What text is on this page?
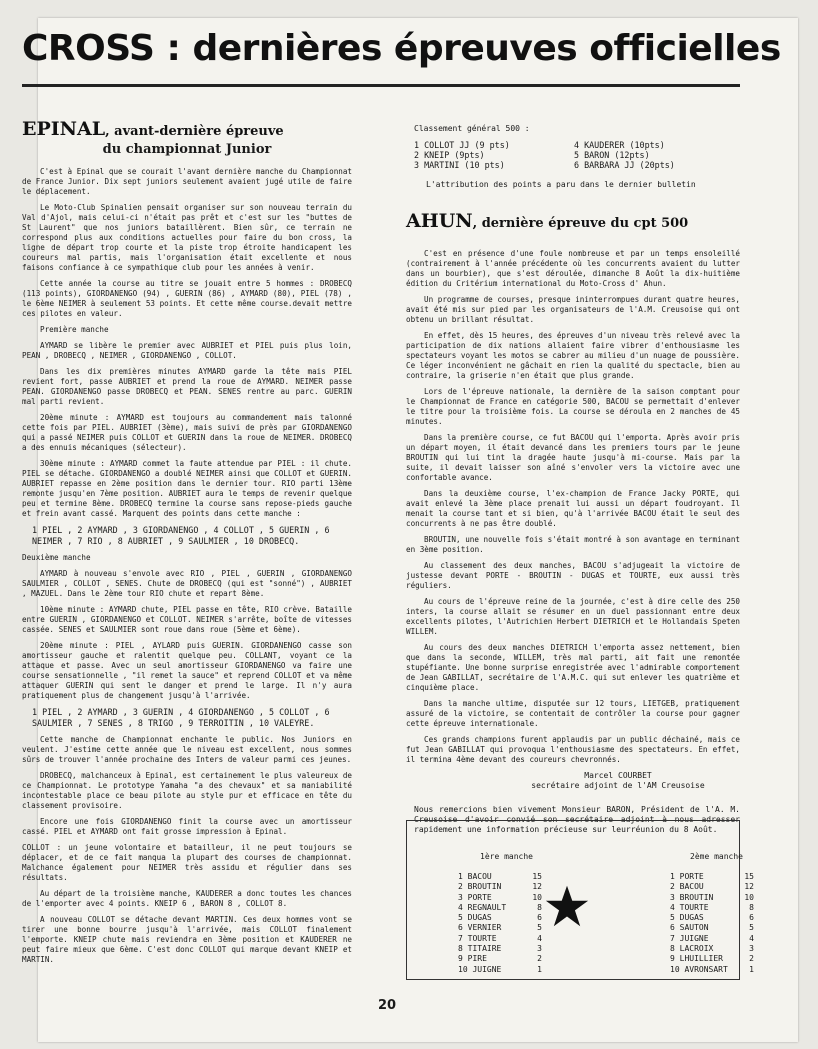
CROSS : dernières épreuves officielles
EPINAL, avant-dernière épreuve
du championnat Junior

C'est à Epinal que se courait l'avant dernière manche du Championnat de France Junior. Dix sept juniors seulement avaient jugé utile de faire le déplacement.

Le Moto-Club Spinalien pensait organiser sur son nouveau terrain du Val d'Ajol, mais celui-ci n'était pas prêt et c'est sur les "buttes de St Laurent" que nos juniors bataillèrent. Bien sûr, ce terrain ne correspond plus aux conditions actuelles pour faire du bon cross, la ligne de départ trop courte et la piste trop étroite handicapent les coureurs mal partis, mais l'organisation était excellente et nous faisons confiance à ce sympathique club pour les années à venir.

Cette année la course au titre se jouait entre 5 hommes : DROBECQ (113 points), GIORDANENGO (94) , GUERIN (86) , AYMARD (80), PIEL (78) , le 6ème NEIMER à seulement 53 points. Et cette même course.devait mettre ces pilotes en valeur.

Première manche

AYMARD se libère le premier avec AUBRIET et PIEL puis plus loin, PEAN , DROBECQ , NEIMER , GIORDANENGO , COLLOT.

Dans les dix premières minutes AYMARD garde la tête mais PIEL revient fort, passe AUBRIET et prend la roue de AYMARD. NEIMER passe PEAN. GIORDANENGO passe DROBECQ et PEAN. SENES rentre au parc. GUERIN mal parti revient.

20ème minute : AYMARD est toujours au commandement mais talonné cette fois par PIEL. AUBRIET (3ème), mais suivi de près par GIORDANENGO qui a passé NEIMER puis COLLOT et GUERIN dans la roue de NEIMER. DROBECQ a des ennuis mécaniques (sélecteur).

30ème minute : AYMARD commet la faute attendue par PIEL : il chute. PIEL se détache. GIORDANENGO a doublé NEIMER ainsi que COLLOT et GUERIN. AUBRIET repasse en 2ème position dans le dernier tour. RIO parti 13ème remonte jusqu'en 7ème position. AUBRIET aura le temps de revenir quelque peu et termine 8ème. DROBECQ termine la course sans repose-pieds gauche et frein avant cassé. Marquent des points dans cette manche :

1 PIEL , 2 AYMARD , 3 GIORDANENGO , 4 COLLOT , 5 GUERIN , 6 NEIMER , 7 RIO , 8 AUBRIET , 9 SAULMIER , 10 DROBECQ.

Deuxième manche

AYMARD à nouveau s'envole avec RIO , PIEL , GUERIN , GIORDANENGO SAULMIER , COLLOT , SENES. Chute de DROBECQ (qui est "sonné") , AUBRIET , MAZUEL. Dans le 2ème tour RIO chute et repart 8ème.

10ème minute : AYMARD chute, PIEL passe en tête, RIO crève. Bataille entre GUERIN , GIORDANENGO et COLLOT. NEIMER s'arrête, boîte de vitesses cassée. SENES et SAULMIER sont roue dans roue (5ème et 6ème).

20ème minute : PIEL , AYLARD puis GUERIN. GIORDANENGO casse son amortisseur gauche et ralentit quelque peu. COLLANT, voyant ce la attaque et passe. Avec un seul amortisseur GIORDANENGO va faire une course sensationnelle , "il remet la sauce" et reprend COLLOT et va même attaquer GUERIN qui sent le danger et prend le large. Il n'y aura pratiquement plus de changement jusqu'à l'arrivée.

1 PIEL , 2 AYMARD , 3 GUERIN , 4 GIORDANENGO , 5 COLLOT , 6 SAULMIER , 7 SENES , 8 TRIGO , 9 TERROITIN , 10 VALEYRE.

Cette manche de Championnat enchante le public. Nos Juniors en veulent. J'estime cette année que le niveau est excellent, nous sommes sûrs de trouver l'année prochaine des Inters de valeur parmi ces jeunes.

DROBECQ, malchanceux à Epinal, est certainement le plus valeureux de ce Championnat. Le prototype Yamaha "a des chevaux" et sa maniabilité incontestable place ce beau pilote au style pur et efficace en tête du classement provisoire.

Encore une fois GIORDANENGO finit la course avec un amortisseur cassé. PIEL et AYMARD ont fait grosse impression à Epinal.

COLLOT : un jeune volontaire et batailleur, il ne peut toujours se déplacer, et de ce fait manqua la plupart des courses de championnat. Malchance également pour NEIMER très assidu et régulier dans ses résultats.

Au départ de la troisième manche, KAUDERER a donc toutes les chances de l'emporter avec 4 points. KNEIP 6 , BARON 8 , COLLOT 8.

A nouveau COLLOT se détache devant MARTIN. Ces deux hommes vont se tirer une bonne bourre jusqu'à l'arrivée, mais COLLOT finalement l'emporte. KNEIP chute mais reviendra en 3ème position et KAUDERER ne peut faire mieux que 6ème. C'est donc COLLOT qui marque devant KNEIP et MARTIN.

Classement général 500 :
1 COLLOT JJ (9 pts)	4 KAUDERER (10pts)
2 KNEIP (9pts)	5 BARON (12pts)
3 MARTINI (10 pts)	6 BARBARA JJ (20pts)
L'attribution des points a paru dans le dernier bulletin
AHUN, dernière épreuve du cpt 500

C'est en présence d'une foule nombreuse et par un temps ensoleillé (contrairement à l'année précédente où les concurrents avaient du lutter dans un bourbier), que s'est déroulée, dimanche 8 Août la dix-huitième édition du Critérium international du Moto-Cross d' Ahun.

Un programme de courses, presque ininterrompues durant quatre heures, avait été mis sur pied par les organisateurs de l'A.M. Creusoise qui ont obtenu un brillant résultat.

En effet, dès 15 heures, des épreuves d'un niveau très relevé avec la participation de dix nations allaient faire vibrer d'enthousiasme les spectateurs voyant les motos se cabrer au milieu d'un nuage de poussière. Ce léger inconvénient ne gâchait en rien la qualité du spectacle, bien au contraire, la griserie n'en était que plus grande.

Lors de l'épreuve nationale, la dernière de la saison comptant pour le Championnat de France en catégorie 500, BACOU se permettait d'enlever le titre pour la troisième fois. La course se déroula en 2 manches de 45 minutes.

Dans la première course, ce fut BACOU qui l'emporta. Après avoir pris un départ moyen, il était devancé dans les premiers tours par le jeune BROUTIN qui lui tint la dragée haute jusqu'à mi-course. Mais par la suite, il devait laisser son aîné s'envoler vers la victoire avec une confortable avance.

Dans la deuxième course, l'ex-champion de France Jacky PORTE, qui avait enlevé la 3ème place prenait lui aussi un départ foudroyant. Il menait la course tant et si bien, qu'à l'arrivée BACOU était le seul des concurrents à ne pas être doublé.

BROUTIN, une nouvelle fois s'était montré à son avantage en terminant en 3ème position.

Au classement des deux manches, BACOU s'adjugeait la victoire de justesse devant PORTE - BROUTIN - DUGAS et TOURTE, eux aussi très réguliers.

Au cours de l'épreuve reine de la journée, c'est à dire celle des 250 inters, la course allait se résumer en un duel passionnant entre deux excellents pilotes, l'Autrichien Herbert DIETRICH et le Hollandais Speten WILLEM.

Au cours des deux manches DIETRICH l'emporta assez nettement, bien que dans la seconde, WILLEM, très mal parti, ait fait une remontée stupéfiante. Une bonne surprise enregistrée avec l'admirable comportement de Jean GABILLAT, secrétaire de l'A.M.C. qui sut enlever les quatrième et cinquième place.

Dans la manche ultime, disputée sur 12 tours, LIETGEB, pratiquement assuré de la victoire, se contentait de contrôler la course pour gagner cette épreuve internationale.

Ces grands champions furent applaudis par un public déchainé, mais ce fut Jean GABILLAT qui provoqua l'enthousiasme des spectateurs. En effet, il termina 4ème devant des coureurs chevronnés.

Marcel COURBET
secrétaire adjoint de l'AM Creusoise
Nous remercions bien vivement Monsieur BARON, Président de l'A. M. Creusoise d'avoir convié son secrétaire adjoint à nous adresser rapidement une information précieuse sur leurréunion du 8 Août.
1ère manche	2ème manche
1 BACOU	15
2 BROUTIN	12
3 PORTE	10
4 REGNAULT	8
5 DUGAS	6
6 VERNIER	5
7 TOURTE	4
8 TITAIRE	3
9 PIRE	2
10 JUIGNE	1
1 PORTE	15
2 BACOU	12
3 BROUTIN	10
4 TOURTE	8
5 DUGAS	6
6 SAUTON	5
7 JUIGNE	4
8 LACROIX	3
9 LHUILLIER	2
10 AVRONSART	1
20
